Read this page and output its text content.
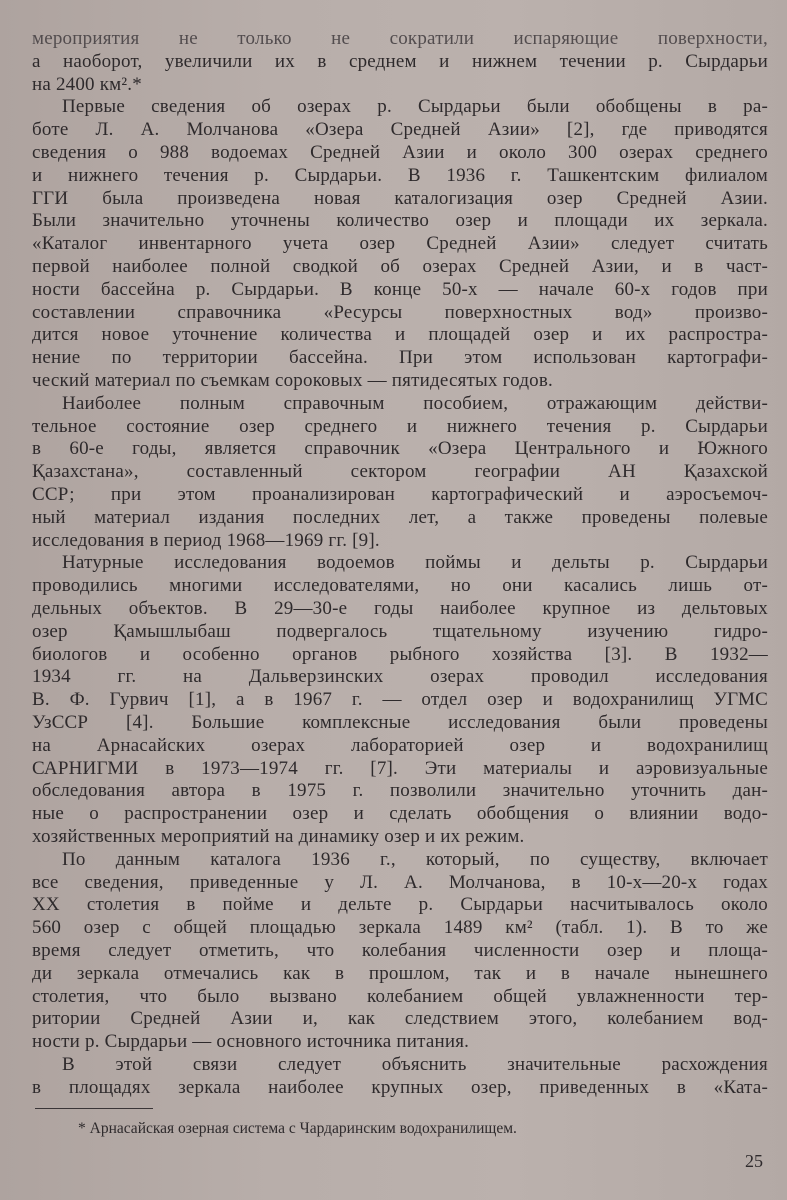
мероприятия не только не сократили испаряющие поверхности,
а наоборот, увеличили их в среднем и нижнем течении р. Сырдарьи
на 2400 км².*
Первые сведения об озерах р. Сырдарьи были обобщены в ра-
боте Л. А. Молчанова «Озера Средней Азии» [2], где приводятся
сведения о 988 водоемах Средней Азии и около 300 озерах среднего
и нижнего течения р. Сырдарьи. В 1936 г. Ташкентским филиалом
ГГИ была произведена новая каталогизация озер Средней Азии.
Были значительно уточнены количество озер и площади их зеркала.
«Каталог инвентарного учета озер Средней Азии» следует считать
первой наиболее полной сводкой об озерах Средней Азии, и в част-
ности бассейна р. Сырдарьи. В конце 50-х — начале 60-х годов при
составлении справочника «Ресурсы поверхностных вод» произво-
дится новое уточнение количества и площадей озер и их распростра-
нение по территории бассейна. При этом использован картографи-
ческий материал по съемкам сороковых — пятидесятых годов.
Наиболее полным справочным пособием, отражающим действи-
тельное состояние озер среднего и нижнего течения р. Сырдарьи
в 60-е годы, является справочник «Озера Центрального и Южного
Қазахстана», составленный сектором географии АН Қазахской
ССР; при этом проанализирован картографический и аэросъемоч-
ный материал издания последних лет, а также проведены полевые
исследования в период 1968—1969 гг. [9].
Натурные исследования водоемов поймы и дельты р. Сырдарьи
проводились многими исследователями, но они касались лишь от-
дельных объектов. В 29—30-е годы наиболее крупное из дельтовых
озер Қамышлыбаш подвергалось тщательному изучению гидро-
биологов и особенно органов рыбного хозяйства [3]. В 1932—
1934 гг. на Дальверзинских озерах проводил исследования
В. Ф. Гурвич [1], а в 1967 г. — отдел озер и водохранилищ УГМС
УзССР [4]. Большие комплексные исследования были проведены
на Арнасайских озерах лабораторией озер и водохранилищ
САРНИГМИ в 1973—1974 гг. [7]. Эти материалы и аэровизуальные
обследования автора в 1975 г. позволили значительно уточнить дан-
ные о распространении озер и сделать обобщения о влиянии водо-
хозяйственных мероприятий на динамику озер и их режим.
По данным каталога 1936 г., который, по существу, включает
все сведения, приведенные у Л. А. Молчанова, в 10-х—20-х годах
XX столетия в пойме и дельте р. Сырдарьи насчитывалось около
560 озер с общей площадью зеркала 1489 км² (табл. 1). В то же
время следует отметить, что колебания численности озер и площа-
ди зеркала отмечались как в прошлом, так и в начале нынешнего
столетия, что было вызвано колебанием общей увлажненности тер-
ритории Средней Азии и, как следствием этого, колебанием вод-
ности р. Сырдарьи — основного источника питания.
В этой связи следует объяснить значительные расхождения
в площадях зеркала наиболее крупных озер, приведенных в «Ката-
* Арнасайская озерная система с Чардаринским водохранилищем.
25
